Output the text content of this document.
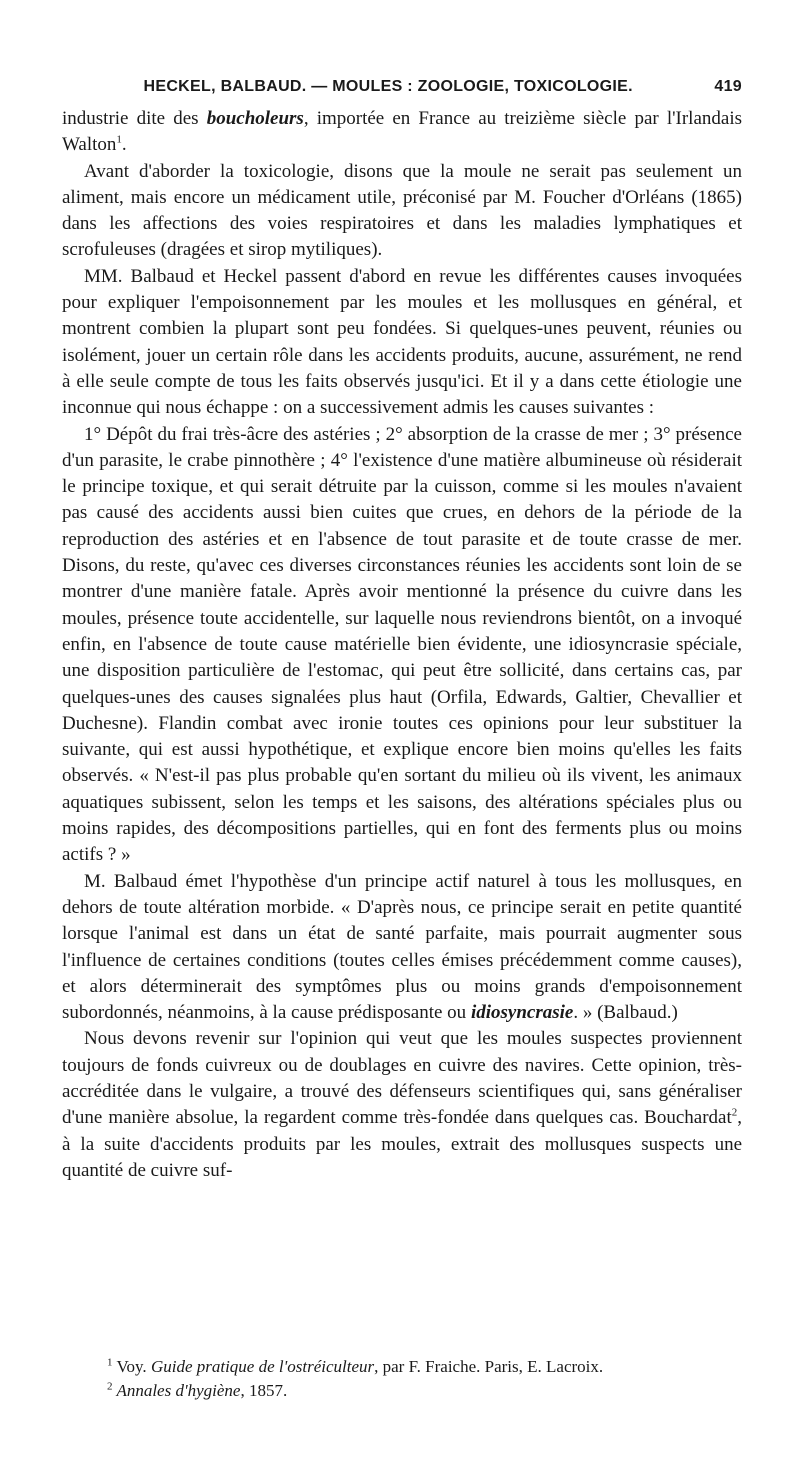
HECKEL, BALBAUD. — MOULES : ZOOLOGIE, TOXICOLOGIE.	419

industrie dite des boucholeurs, importée en France au treizième siècle par l'Irlandais Walton$^1$.

Avant d'aborder la toxicologie, disons que la moule ne serait pas seulement un aliment, mais encore un médicament utile, préconisé par M. Foucher d'Orléans (1865) dans les affections des voies respiratoires et dans les maladies lymphatiques et scrofuleuses (dragées et sirop mytiliques).

MM. Balbaud et Heckel passent d'abord en revue les différentes causes invoquées pour expliquer l'empoisonnement par les moules et les mollusques en général, et montrent combien la plupart sont peu fondées. Si quelques-unes peuvent, réunies ou isolément, jouer un certain rôle dans les accidents produits, aucune, assurément, ne rend à elle seule compte de tous les faits observés jusqu'ici. Et il y a dans cette étiologie une inconnue qui nous échappe : on a successivement admis les causes suivantes :

1° Dépôt du frai très-âcre des astéries ; 2° absorption de la crasse de mer ; 3° présence d'un parasite, le crabe pinnothère ; 4° l'existence d'une matière albumineuse où résiderait le principe toxique, et qui serait détruite par la cuisson, comme si les moules n'avaient pas causé des accidents aussi bien cuites que crues, en dehors de la période de la reproduction des astéries et en l'absence de tout parasite et de toute crasse de mer. Disons, du reste, qu'avec ces diverses circonstances réunies les accidents sont loin de se montrer d'une manière fatale. Après avoir mentionné la présence du cuivre dans les moules, présence toute accidentelle, sur laquelle nous reviendrons bientôt, on a invoqué enfin, en l'absence de toute cause matérielle bien évidente, une idiosyncrasie spéciale, une disposition particulière de l'estomac, qui peut être sollicité, dans certains cas, par quelques-unes des causes signalées plus haut (Orfila, Edwards, Galtier, Chevallier et Duchesne). Flandin combat avec ironie toutes ces opinions pour leur substituer la suivante, qui est aussi hypothétique, et explique encore bien moins qu'elles les faits observés. « N'est-il pas plus probable qu'en sortant du milieu où ils vivent, les animaux aquatiques subissent, selon les temps et les saisons, des altérations spéciales plus ou moins rapides, des décompositions partielles, qui en font des ferments plus ou moins actifs ? »

M. Balbaud émet l'hypothèse d'un principe actif naturel à tous les mollusques, en dehors de toute altération morbide. « D'après nous, ce principe serait en petite quantité lorsque l'animal est dans un état de santé parfaite, mais pourrait augmenter sous l'influence de certaines conditions (toutes celles émises précédemment comme causes), et alors déterminerait des symptômes plus ou moins grands d'empoisonnement subordonnés, néanmoins, à la cause prédisposante ou idiosyncrasie. » (Balbaud.)

Nous devons revenir sur l'opinion qui veut que les moules suspectes proviennent toujours de fonds cuivreux ou de doublages en cuivre des navires. Cette opinion, très-accréditée dans le vulgaire, a trouvé des défenseurs scientifiques qui, sans généraliser d'une manière absolue, la regardent comme très-fondée dans quelques cas. Bouchardat$^2$, à la suite d'accidents produits par les moules, extrait des mollusques suspects une quantité de cuivre suf-

$^1$ Voy. Guide pratique de l'ostréiculteur, par F. Fraiche. Paris, E. Lacroix.
$^2$ Annales d'hygiène, 1857.
